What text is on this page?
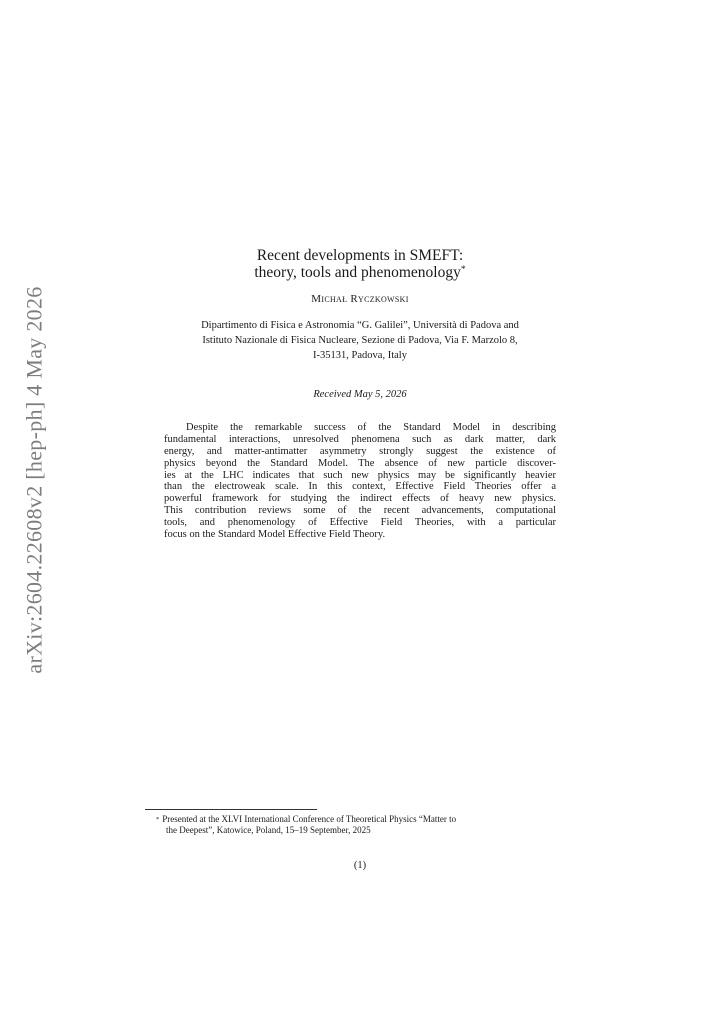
arXiv:2604.22608v2 [hep-ph] 4 May 2026
Recent developments in SMEFT:
theory, tools and phenomenology*
Michał Ryczkowski
Dipartimento di Fisica e Astronomia “G. Galilei”, Università di Padova and
Istituto Nazionale di Fisica Nucleare, Sezione di Padova, Via F. Marzolo 8,
I-35131, Padova, Italy
Received May 5, 2026
Despite the remarkable success of the Standard Model in describing
fundamental interactions, unresolved phenomena such as dark matter, dark
energy, and matter-antimatter asymmetry strongly suggest the existence of
physics beyond the Standard Model. The absence of new particle discover-
ies at the LHC indicates that such new physics may be significantly heavier
than the electroweak scale. In this context, Effective Field Theories offer a
powerful framework for studying the indirect effects of heavy new physics.
This contribution reviews some of the recent advancements, computational
tools, and phenomenology of Effective Field Theories, with a particular
focus on the Standard Model Effective Field Theory.
* Presented at the XLVI International Conference of Theoretical Physics “Matter to
the Deepest”, Katowice, Poland, 15–19 September, 2025
(1)
